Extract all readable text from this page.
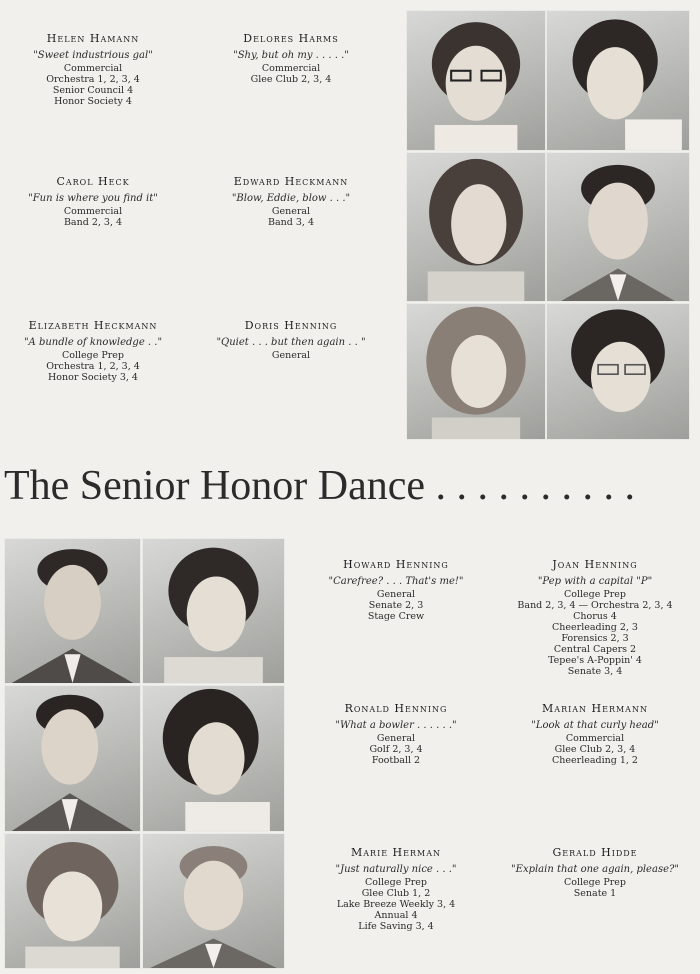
Helen Hamann
"Sweet industrious gal"
Commercial
Orchestra 1, 2, 3, 4
Senior Council 4
Honor Society 4
Delores Harms
"Shy, but oh my . . . . ."
Commercial
Glee Club 2, 3, 4
Carol Heck
"Fun is where you find it"
Commercial
Band 2, 3, 4
Edward Heckmann
"Blow, Eddie, blow . . ."
General
Band 3, 4
Elizabeth Heckmann
"A bundle of knowledge . ."
College Prep
Orchestra 1, 2, 3, 4
Honor Society 3, 4
Doris Henning
"Quiet . . . but then again . . "
General
The Senior Honor Dance . . . . . . . . . .
Howard Henning
"Carefree? . . . That's me!"
General
Senate 2, 3
Stage Crew
Joan Henning
"Pep with a capital "P"
College Prep
Band 2, 3, 4 — Orchestra 2, 3, 4
Chorus 4
Cheerleading 2, 3
Forensics 2, 3
Central Capers 2
Tepee's A-Poppin' 4
Senate 3, 4
Ronald Henning
"What a bowler . . . . . ."
General
Golf 2, 3, 4
Football 2
Marian Hermann
"Look at that curly head"
Commercial
Glee Club 2, 3, 4
Cheerleading 1, 2
Marie Herman
"Just naturally nice . . ."
College Prep
Glee Club 1, 2
Lake Breeze Weekly 3, 4
Annual 4
Life Saving 3, 4
Gerald Hidde
"Explain that one again, please?"
College Prep
Senate 1
